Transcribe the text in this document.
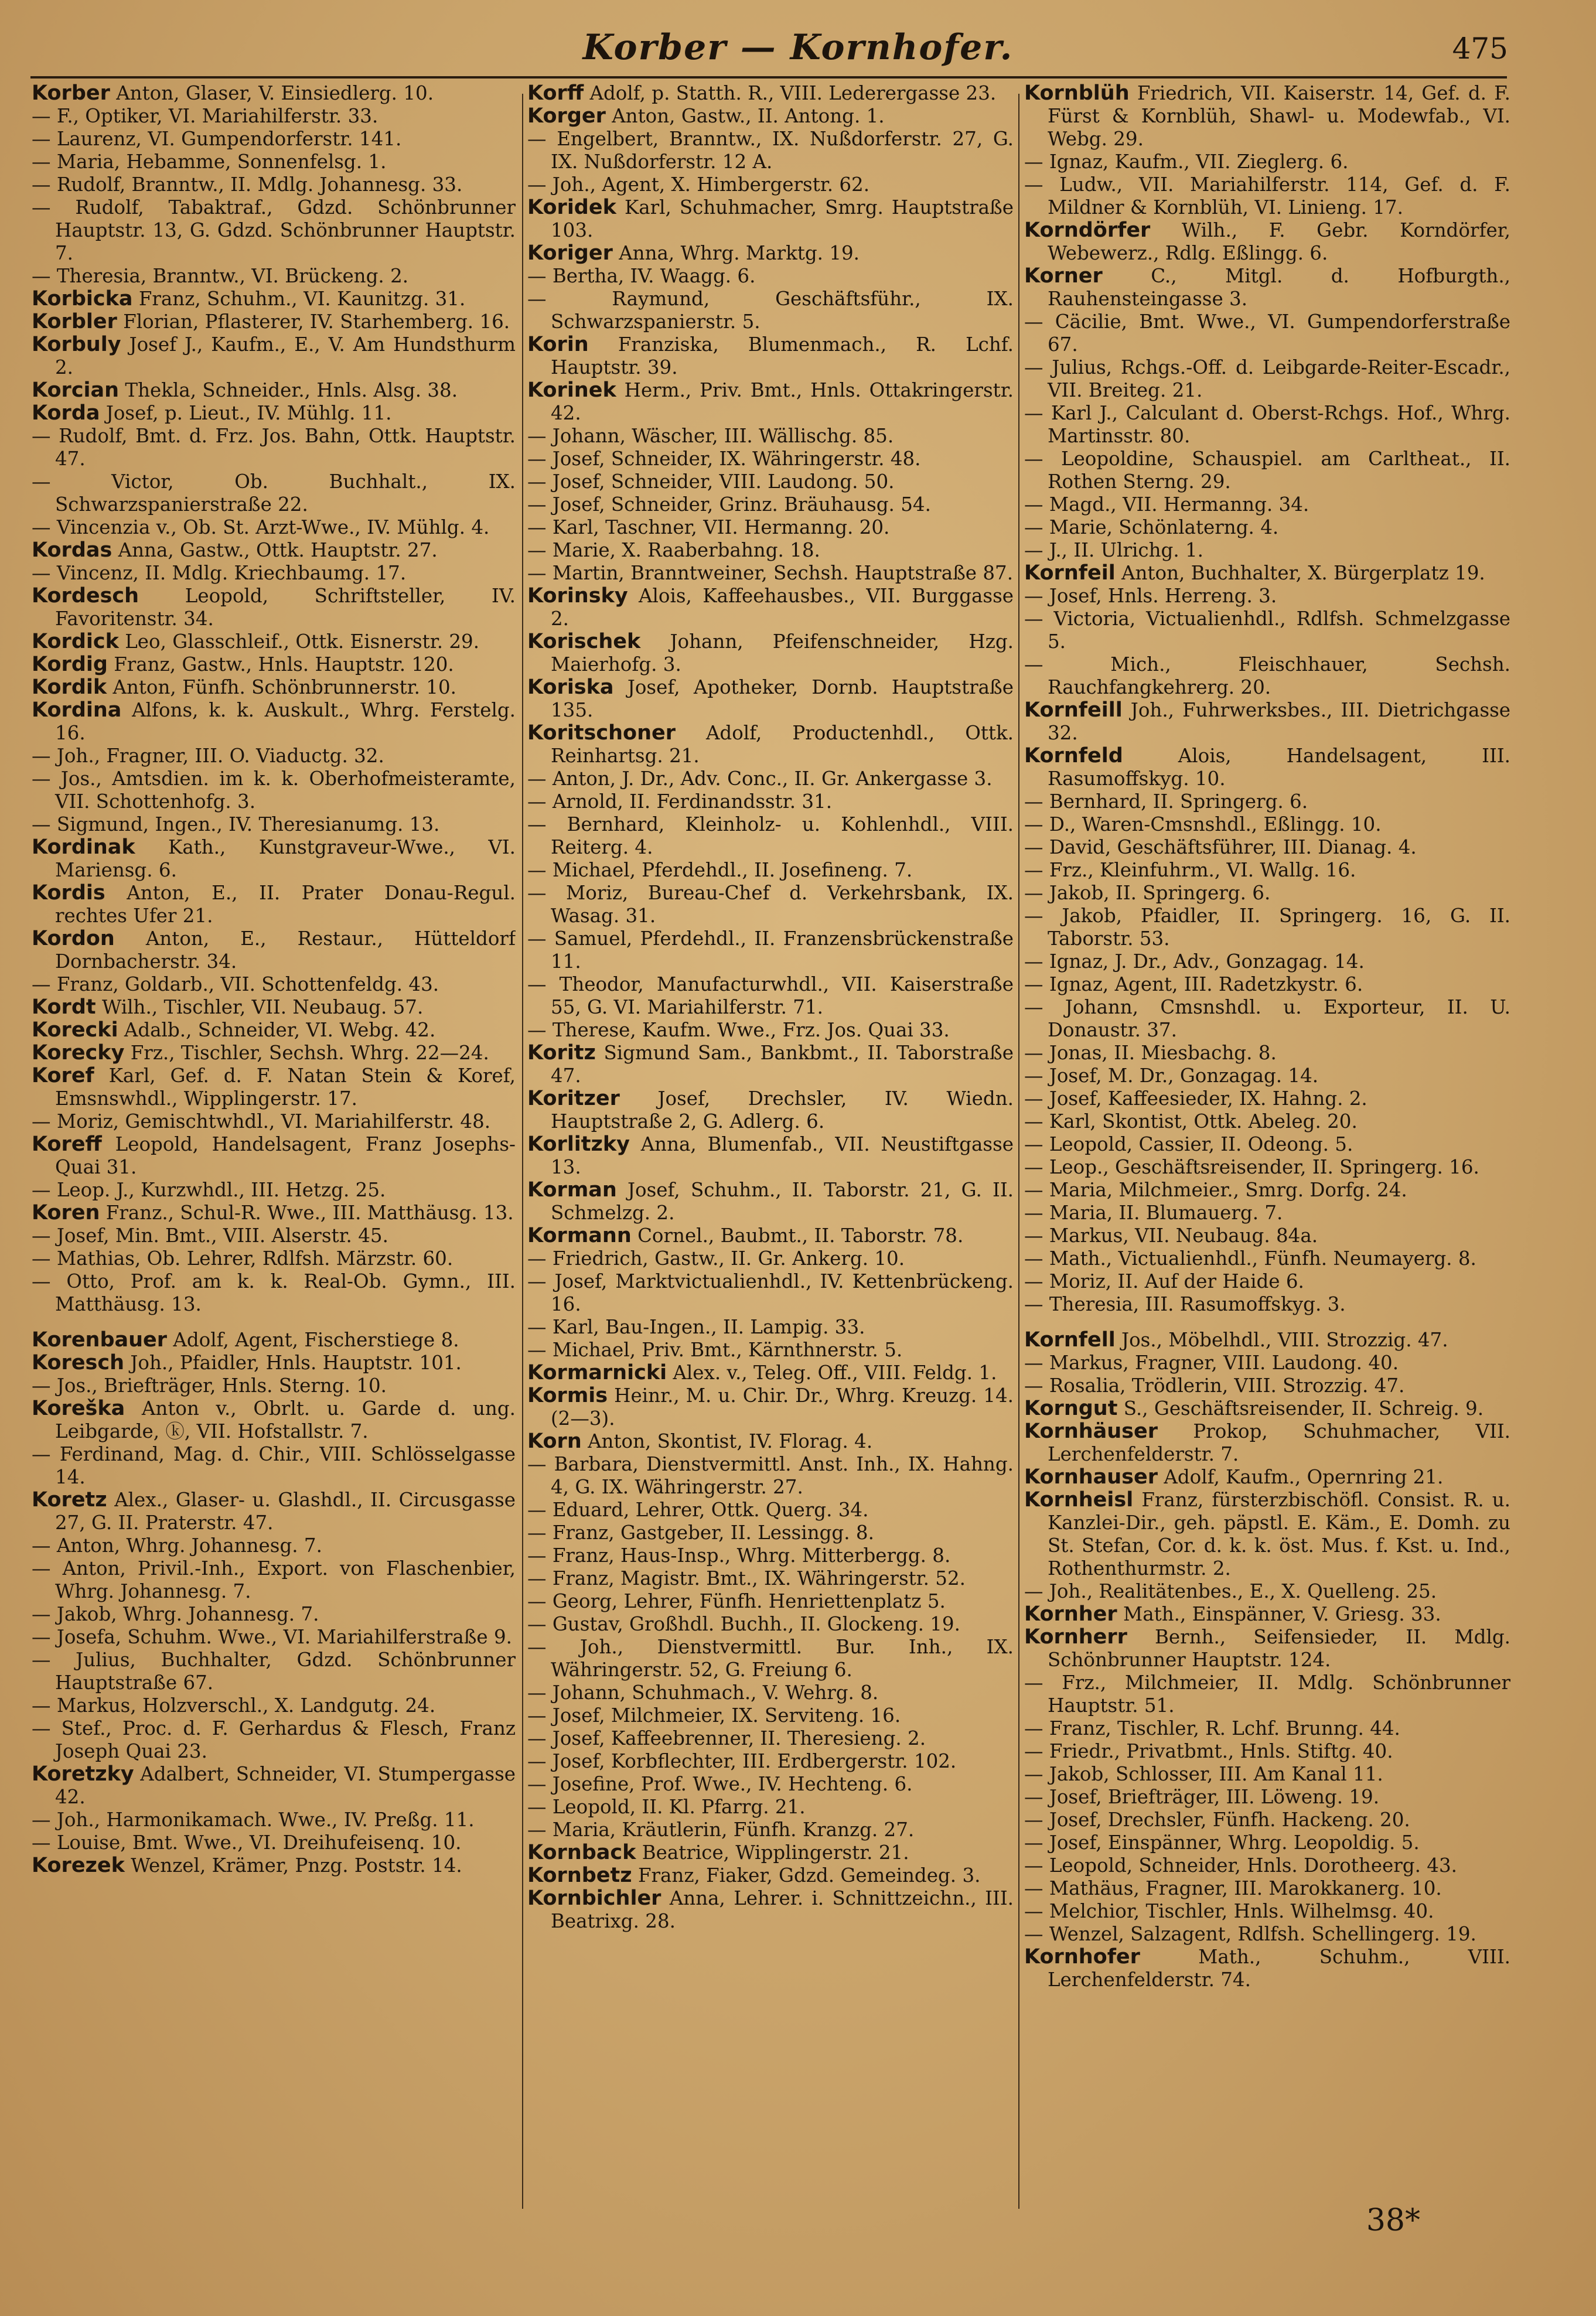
Korber — Kornhofer.	475

Korber Anton, Glaser, V. Einsiedlerg. 10.

— F., Optiker, VI. Mariahilferstr. 33.

— Laurenz, VI. Gumpendorferstr. 141.

— Maria, Hebamme, Sonnenfelsg. 1.

— Rudolf, Branntw., II. Mdlg. Johannesg. 33.

— Rudolf, Tabaktraf., Gdzd. Schönbrunner Hauptstr. 13, G. Gdzd. Schönbrunner Hauptstr. 7.

— Theresia, Branntw., VI. Brückeng. 2.

Korbicka Franz, Schuhm., VI. Kaunitzg. 31.

Korbler Florian, Pflasterer, IV. Starhemberg. 16.

Korbuly Josef J., Kaufm., E., V. Am Hundsthurm 2.

Korcian Thekla, Schneider., Hnls. Alsg. 38.

Korda Josef, p. Lieut., IV. Mühlg. 11.

— Rudolf, Bmt. d. Frz. Jos. Bahn, Ottk. Hauptstr. 47.

— Victor, Ob. Buchhalt., IX. Schwarzspanierstraße 22.

— Vincenzia v., Ob. St. Arzt-Wwe., IV. Mühlg. 4.

Kordas Anna, Gastw., Ottk. Hauptstr. 27.

— Vincenz, II. Mdlg. Kriechbaumg. 17.

Kordesch Leopold, Schriftsteller, IV. Favoritenstr. 34.

Kordick Leo, Glasschleif., Ottk. Eisnerstr. 29.

Kordig Franz, Gastw., Hnls. Hauptstr. 120.

Kordik Anton, Fünfh. Schönbrunnerstr. 10.

Kordina Alfons, k. k. Auskult., Whrg. Ferstelg. 16.

— Joh., Fragner, III. O. Viaductg. 32.

— Jos., Amtsdien. im k. k. Oberhofmeisteramte, VII. Schottenhofg. 3.

— Sigmund, Ingen., IV. Theresianumg. 13.

Kordinak Kath., Kunstgraveur-Wwe., VI. Mariensg. 6.

Kordis Anton, E., II. Prater Donau-Regul. rechtes Ufer 21.

Kordon Anton, E., Restaur., Hütteldorf Dornbacherstr. 34.

— Franz, Goldarb., VII. Schottenfeldg. 43.

Kordt Wilh., Tischler, VII. Neubaug. 57.

Korecki Adalb., Schneider, VI. Webg. 42.

Korecky Frz., Tischler, Sechsh. Whrg. 22—24.

Koref Karl, Gef. d. F. Natan Stein & Koref, Emsnswhdl., Wipplingerstr. 17.

— Moriz, Gemischtwhdl., VI. Mariahilferstr. 48.

Koreff Leopold, Handelsagent, Franz Josephs-Quai 31.

— Leop. J., Kurzwhdl., III. Hetzg. 25.

Koren Franz., Schul-R. Wwe., III. Matthäusg. 13.

— Josef, Min. Bmt., VIII. Alserstr. 45.

— Mathias, Ob. Lehrer, Rdlfsh. Märzstr. 60.

— Otto, Prof. am k. k. Real-Ob. Gymn., III. Matthäusg. 13.

Korenbauer Adolf, Agent, Fischerstiege 8.

Koresch Joh., Pfaidler, Hnls. Hauptstr. 101.

— Jos., Briefträger, Hnls. Sterng. 10.

Koreška Anton v., Obrlt. u. Garde d. ung. Leibgarde, ⓚ, VII. Hofstallstr. 7.

— Ferdinand, Mag. d. Chir., VIII. Schlösselgasse 14.

Koretz Alex., Glaser- u. Glashdl., II. Circusgasse 27, G. II. Praterstr. 47.

— Anton, Whrg. Johannesg. 7.

— Anton, Privil.-Inh., Export. von Flaschenbier, Whrg. Johannesg. 7.

— Jakob, Whrg. Johannesg. 7.

— Josefa, Schuhm. Wwe., VI. Mariahilferstraße 9.

— Julius, Buchhalter, Gdzd. Schönbrunner Hauptstraße 67.

— Markus, Holzverschl., X. Landgutg. 24.

— Stef., Proc. d. F. Gerhardus & Flesch, Franz Joseph Quai 23.

Koretzky Adalbert, Schneider, VI. Stumpergasse 42.

— Joh., Harmonikamach. Wwe., IV. Preßg. 11.

— Louise, Bmt. Wwe., VI. Dreihufeisenq. 10.

Korezek Wenzel, Krämer, Pnzg. Poststr. 14.

Korff Adolf, p. Statth. R., VIII. Lederergasse 23.

Korger Anton, Gastw., II. Antong. 1.

— Engelbert, Branntw., IX. Nußdorferstr. 27, G. IX. Nußdorferstr. 12 A.

— Joh., Agent, X. Himbergerstr. 62.

Koridek Karl, Schuhmacher, Smrg. Hauptstraße 103.

Koriger Anna, Whrg. Marktg. 19.

— Bertha, IV. Waagg. 6.

— Raymund, Geschäftsführ., IX. Schwarzspanierstr. 5.

Korin Franziska, Blumenmach., R. Lchf. Hauptstr. 39.

Korinek Herm., Priv. Bmt., Hnls. Ottakringerstr. 42.

— Johann, Wäscher, III. Wällischg. 85.

— Josef, Schneider, IX. Währingerstr. 48.

— Josef, Schneider, VIII. Laudong. 50.

— Josef, Schneider, Grinz. Bräuhausg. 54.

— Karl, Taschner, VII. Hermanng. 20.

— Marie, X. Raaberbahng. 18.

— Martin, Branntweiner, Sechsh. Hauptstraße 87.

Korinsky Alois, Kaffeehausbes., VII. Burggasse 2.

Korischek Johann, Pfeifenschneider, Hzg. Maierhofg. 3.

Koriska Josef, Apotheker, Dornb. Hauptstraße 135.

Koritschoner Adolf, Productenhdl., Ottk. Reinhartsg. 21.

— Anton, J. Dr., Adv. Conc., II. Gr. Ankergasse 3.

— Arnold, II. Ferdinandsstr. 31.

— Bernhard, Kleinholz- u. Kohlenhdl., VIII. Reiterg. 4.

— Michael, Pferdehdl., II. Josefineng. 7.

— Moriz, Bureau-Chef d. Verkehrsbank, IX. Wasag. 31.

— Samuel, Pferdehdl., II. Franzensbrückenstraße 11.

— Theodor, Manufacturwhdl., VII. Kaiserstraße 55, G. VI. Mariahilferstr. 71.

— Therese, Kaufm. Wwe., Frz. Jos. Quai 33.

Koritz Sigmund Sam., Bankbmt., II. Taborstraße 47.

Koritzer Josef, Drechsler, IV. Wiedn. Hauptstraße 2, G. Adlerg. 6.

Korlitzky Anna, Blumenfab., VII. Neustiftgasse 13.

Korman Josef, Schuhm., II. Taborstr. 21, G. II. Schmelzg. 2.

Kormann Cornel., Baubmt., II. Taborstr. 78.

— Friedrich, Gastw., II. Gr. Ankerg. 10.

— Josef, Marktvictualienhdl., IV. Kettenbrückeng. 16.

— Karl, Bau-Ingen., II. Lampig. 33.

— Michael, Priv. Bmt., Kärnthnerstr. 5.

Kormarnicki Alex. v., Teleg. Off., VIII. Feldg. 1.

Kormis Heinr., M. u. Chir. Dr., Whrg. Kreuzg. 14. (2—3).

Korn Anton, Skontist, IV. Florag. 4.

— Barbara, Dienstvermittl. Anst. Inh., IX. Hahng. 4, G. IX. Währingerstr. 27.

— Eduard, Lehrer, Ottk. Querg. 34.

— Franz, Gastgeber, II. Lessingg. 8.

— Franz, Haus-Insp., Whrg. Mitterbergg. 8.

— Franz, Magistr. Bmt., IX. Währingerstr. 52.

— Georg, Lehrer, Fünfh. Henriettenplatz 5.

— Gustav, Großhdl. Buchh., II. Glockeng. 19.

— Joh., Dienstvermittl. Bur. Inh., IX. Währingerstr. 52, G. Freiung 6.

— Johann, Schuhmach., V. Wehrg. 8.

— Josef, Milchmeier, IX. Serviteng. 16.

— Josef, Kaffeebrenner, II. Theresieng. 2.

— Josef, Korbflechter, III. Erdbergerstr. 102.

— Josefine, Prof. Wwe., IV. Hechteng. 6.

— Leopold, II. Kl. Pfarrg. 21.

— Maria, Kräutlerin, Fünfh. Kranzg. 27.

Kornback Beatrice, Wipplingerstr. 21.

Kornbetz Franz, Fiaker, Gdzd. Gemeindeg. 3.

Kornbichler Anna, Lehrer. i. Schnittzeichn., III. Beatrixg. 28.

Kornblüh Friedrich, VII. Kaiserstr. 14, Gef. d. F. Fürst & Kornblüh, Shawl- u. Modewfab., VI. Webg. 29.

— Ignaz, Kaufm., VII. Zieglerg. 6.

— Ludw., VII. Mariahilferstr. 114, Gef. d. F. Mildner & Kornblüh, VI. Linieng. 17.

Korndörfer Wilh., F. Gebr. Korndörfer, Webewerz., Rdlg. Eßlingg. 6.

Korner C., Mitgl. d. Hofburgth., Rauhensteingasse 3.

— Cäcilie, Bmt. Wwe., VI. Gumpendorferstraße 67.

— Julius, Rchgs.-Off. d. Leibgarde-Reiter-Escadr., VII. Breiteg. 21.

— Karl J., Calculant d. Oberst-Rchgs. Hof., Whrg. Martinsstr. 80.

— Leopoldine, Schauspiel. am Carltheat., II. Rothen Sterng. 29.

— Magd., VII. Hermanng. 34.

— Marie, Schönlaterng. 4.

— J., II. Ulrichg. 1.

Kornfeil Anton, Buchhalter, X. Bürgerplatz 19.

— Josef, Hnls. Herreng. 3.

— Victoria, Victualienhdl., Rdlfsh. Schmelzgasse 5.

— Mich., Fleischhauer, Sechsh. Rauchfangkehrerg. 20.

Kornfeill Joh., Fuhrwerksbes., III. Dietrichgasse 32.

Kornfeld Alois, Handelsagent, III. Rasumoffskyg. 10.

— Bernhard, II. Springerg. 6.

— D., Waren-Cmsnshdl., Eßlingg. 10.

— David, Geschäftsführer, III. Dianag. 4.

— Frz., Kleinfuhrm., VI. Wallg. 16.

— Jakob, II. Springerg. 6.

— Jakob, Pfaidler, II. Springerg. 16, G. II. Taborstr. 53.

— Ignaz, J. Dr., Adv., Gonzagag. 14.

— Ignaz, Agent, III. Radetzkystr. 6.

— Johann, Cmsnshdl. u. Exporteur, II. U. Donaustr. 37.

— Jonas, II. Miesbachg. 8.

— Josef, M. Dr., Gonzagag. 14.

— Josef, Kaffeesieder, IX. Hahng. 2.

— Karl, Skontist, Ottk. Abeleg. 20.

— Leopold, Cassier, II. Odeong. 5.

— Leop., Geschäftsreisender, II. Springerg. 16.

— Maria, Milchmeier., Smrg. Dorfg. 24.

— Maria, II. Blumauerg. 7.

— Markus, VII. Neubaug. 84a.

— Math., Victualienhdl., Fünfh. Neumayerg. 8.

— Moriz, II. Auf der Haide 6.

— Theresia, III. Rasumoffskyg. 3.

Kornfell Jos., Möbelhdl., VIII. Strozzig. 47.

— Markus, Fragner, VIII. Laudong. 40.

— Rosalia, Trödlerin, VIII. Strozzig. 47.

Korngut S., Geschäftsreisender, II. Schreig. 9.

Kornhäuser Prokop, Schuhmacher, VII. Lerchenfelderstr. 7.

Kornhauser Adolf, Kaufm., Opernring 21.

Kornheisl Franz, fürsterzbischöfl. Consist. R. u. Kanzlei-Dir., geh. päpstl. E. Käm., E. Domh. zu St. Stefan, Cor. d. k. k. öst. Mus. f. Kst. u. Ind., Rothenthurmstr. 2.

— Joh., Realitätenbes., E., X. Quelleng. 25.

Kornher Math., Einspänner, V. Griesg. 33.

Kornherr Bernh., Seifensieder, II. Mdlg. Schönbrunner Hauptstr. 124.

— Frz., Milchmeier, II. Mdlg. Schönbrunner Hauptstr. 51.

— Franz, Tischler, R. Lchf. Brunng. 44.

— Friedr., Privatbmt., Hnls. Stiftg. 40.

— Jakob, Schlosser, III. Am Kanal 11.

— Josef, Briefträger, III. Löweng. 19.

— Josef, Drechsler, Fünfh. Hackeng. 20.

— Josef, Einspänner, Whrg. Leopoldig. 5.

— Leopold, Schneider, Hnls. Dorotheerg. 43.

— Mathäus, Fragner, III. Marokkanerg. 10.

— Melchior, Tischler, Hnls. Wilhelmsg. 40.

— Wenzel, Salzagent, Rdlfsh. Schellingerg. 19.

Kornhofer Math., Schuhm., VIII. Lerchenfelderstr. 74.

38*
